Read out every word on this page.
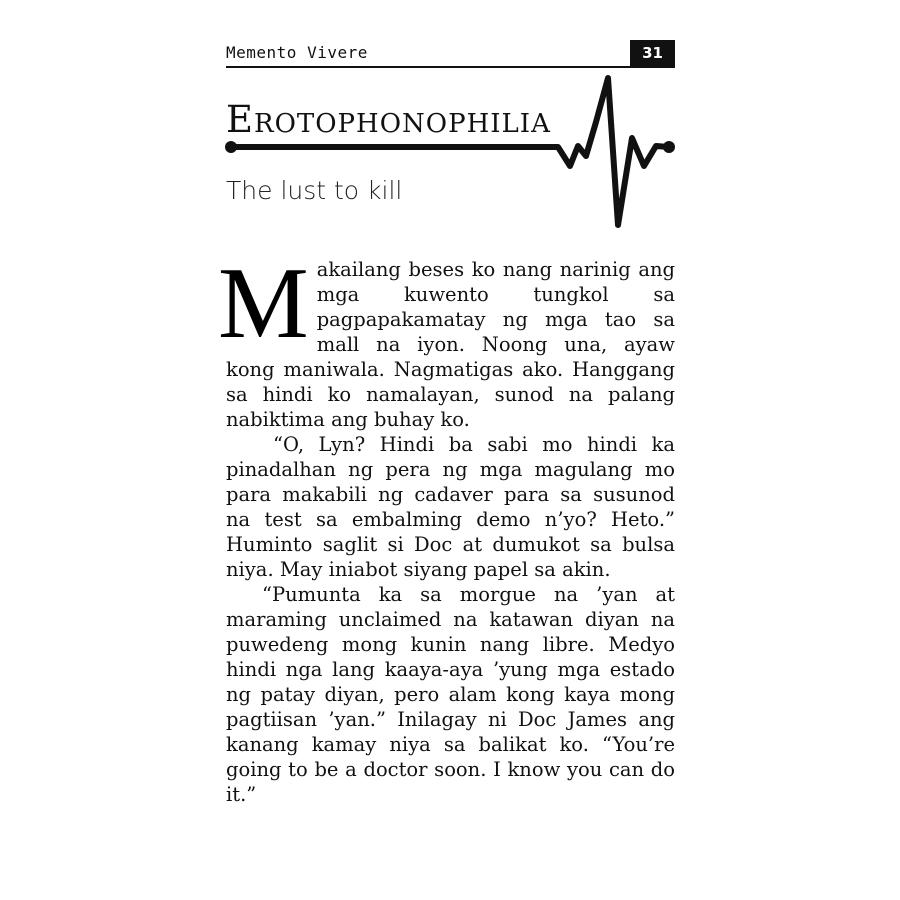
Memento Vivere	31
Erotophonophilia
The lust to kill

Makailang beses ko nang narinig ang mga kuwento tungkol sa pagpapakamatay ng mga tao sa mall na iyon. Noong una, ayaw kong maniwala. Nagmatigas ako. Hanggang sa hindi ko namalayan, sunod na palang nabiktima ang buhay ko.

“O, Lyn? Hindi ba sabi mo hindi ka pinadalhan ng pera ng mga magulang mo para makabili ng cadaver para sa susunod na test sa embalming demo n’yo? Heto.” Huminto saglit si Doc at dumukot sa bulsa niya. May iniabot siyang papel sa akin.

“Pumunta ka sa morgue na ’yan at maraming unclaimed na katawan diyan na puwedeng mong kunin nang libre. Medyo hindi nga lang kaaya-aya ’yung mga estado ng patay diyan, pero alam kong kaya mong pagtiisan ’yan.” Inilagay ni Doc James ang kanang kamay niya sa balikat ko. “You’re going to be a doctor soon. I know you can do it.”
